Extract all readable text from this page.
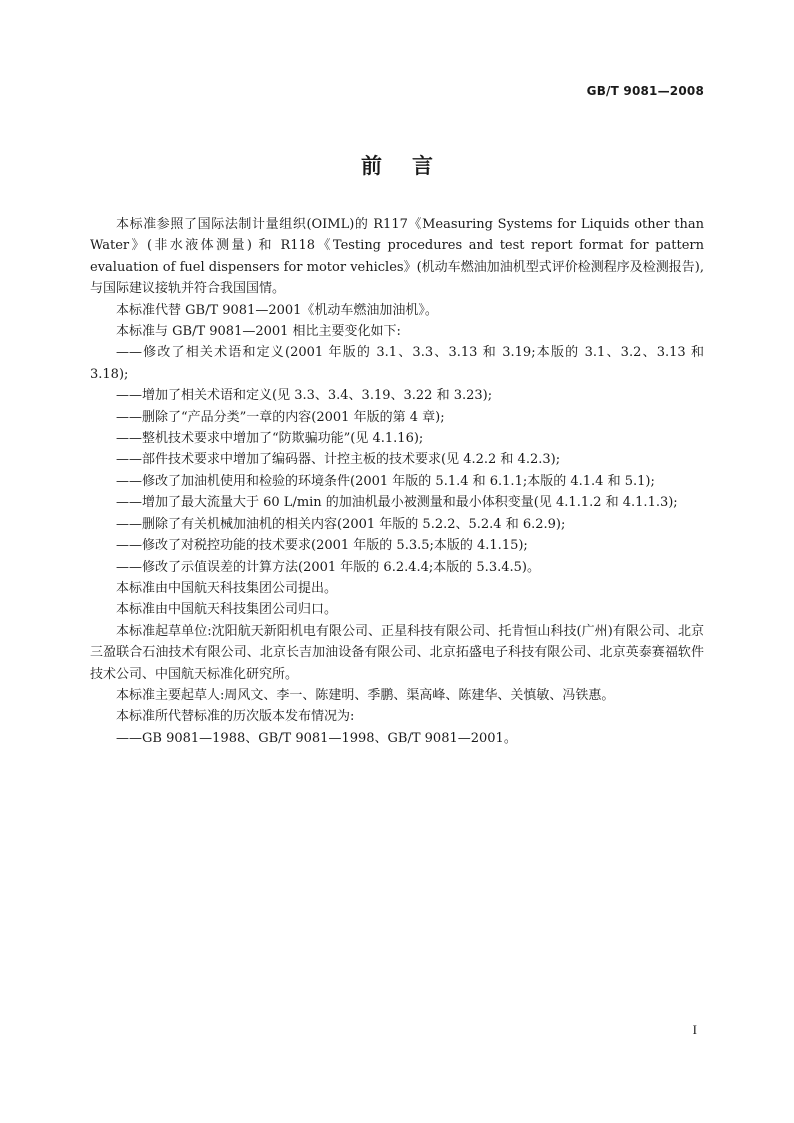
GB/T 9081—2008
前言

本标准参照了国际法制计量组织(OIML)的 R117《Measuring Systems for Liquids other than Water》(非水液体测量) 和 R118《Testing procedures and test report format for pattern evaluation of fuel dispensers for motor vehicles》(机动车燃油加油机型式评价检测程序及检测报告),与国际建议接轨并符合我国国情。

本标准代替 GB/T 9081—2001《机动车燃油加油机》。

本标准与 GB/T 9081—2001 相比主要变化如下:

——修改了相关术语和定义(2001 年版的 3.1、3.3、3.13 和 3.19;本版的 3.1、3.2、3.13 和 3.18);

——增加了相关术语和定义(见 3.3、3.4、3.19、3.22 和 3.23);

——删除了“产品分类”一章的内容(2001 年版的第 4 章);

——整机技术要求中增加了“防欺骗功能”(见 4.1.16);

——部件技术要求中增加了编码器、计控主板的技术要求(见 4.2.2 和 4.2.3);

——修改了加油机使用和检验的环境条件(2001 年版的 5.1.4 和 6.1.1;本版的 4.1.4 和 5.1);

——增加了最大流量大于 60 L/min 的加油机最小被测量和最小体积变量(见 4.1.1.2 和 4.1.1.3);

——删除了有关机械加油机的相关内容(2001 年版的 5.2.2、5.2.4 和 6.2.9);

——修改了对税控功能的技术要求(2001 年版的 5.3.5;本版的 4.1.15);

——修改了示值误差的计算方法(2001 年版的 6.2.4.4;本版的 5.3.4.5)。

本标准由中国航天科技集团公司提出。

本标准由中国航天科技集团公司归口。

本标准起草单位:沈阳航天新阳机电有限公司、正星科技有限公司、托肯恒山科技(广州)有限公司、北京三盈联合石油技术有限公司、北京长吉加油设备有限公司、北京拓盛电子科技有限公司、北京英泰赛福软件技术公司、中国航天标准化研究所。

本标准主要起草人:周风文、李一、陈建明、季鹏、渠高峰、陈建华、关慎敏、冯铁惠。

本标准所代替标准的历次版本发布情况为:

——GB 9081—1988、GB/T 9081—1998、GB/T 9081—2001。

I
